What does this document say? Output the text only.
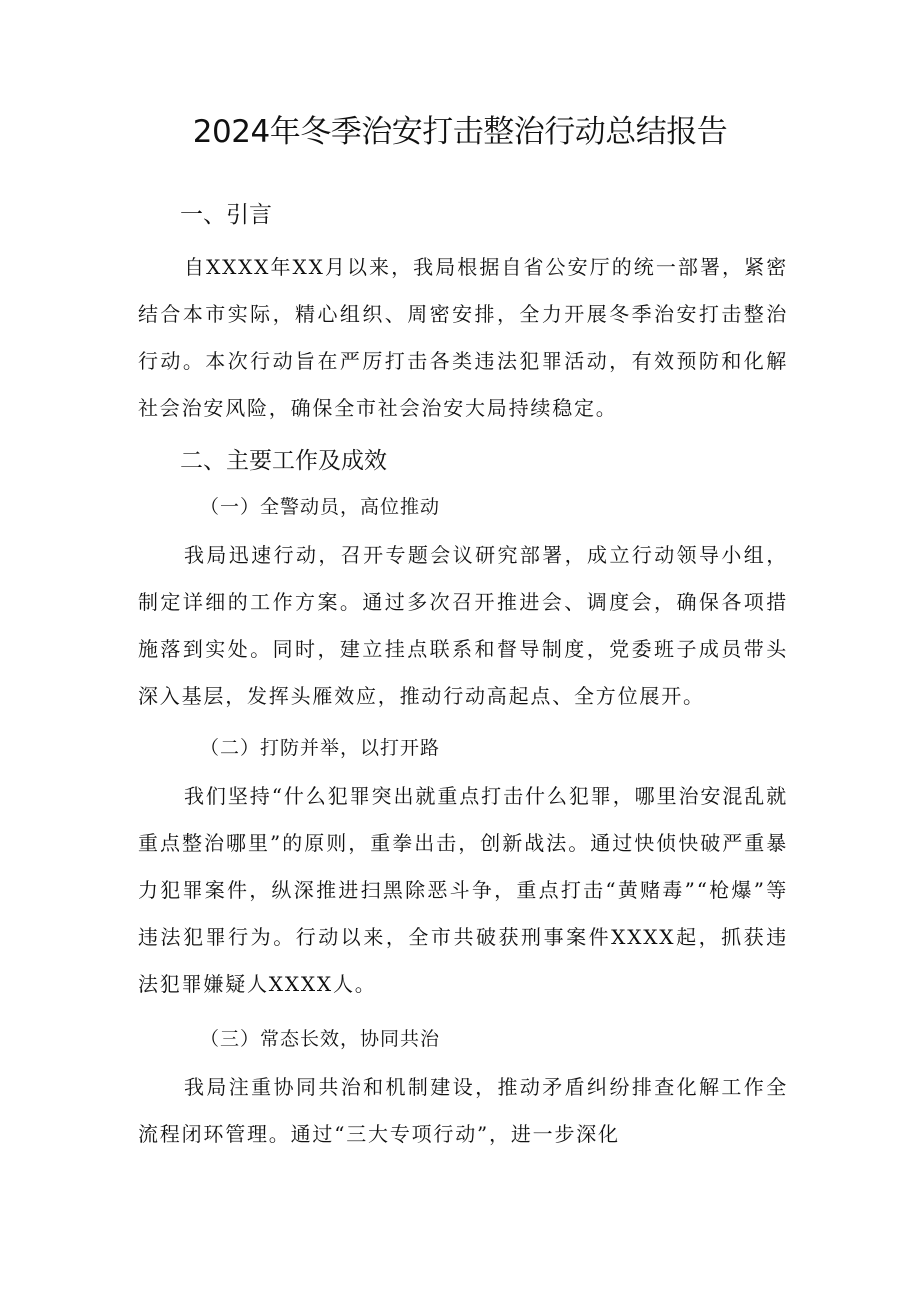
2024年冬季治安打击整治行动总结报告
一、引言

自XXXX年XX月以来，我局根据自省公安厅的统一部署，紧密结合本市实际，精心组织、周密安排，全力开展冬季治安打击整治行动。本次行动旨在严厉打击各类违法犯罪活动，有效预防和化解社会治安风险，确保全市社会治安大局持续稳定。

二、主要工作及成效
（一）全警动员，高位推动

我局迅速行动，召开专题会议研究部署，成立行动领导小组，制定详细的工作方案。通过多次召开推进会、调度会，确保各项措施落到实处。同时，建立挂点联系和督导制度，党委班子成员带头深入基层，发挥头雁效应，推动行动高起点、全方位展开。

（二）打防并举，以打开路

我们坚持“什么犯罪突出就重点打击什么犯罪，哪里治安混乱就重点整治哪里”的原则，重拳出击，创新战法。通过快侦快破严重暴力犯罪案件，纵深推进扫黑除恶斗争，重点打击“黄赌毒”“枪爆”等违法犯罪行为。行动以来，全市共破获刑事案件XXXX起，抓获违法犯罪嫌疑人XXXX人。

（三）常态长效，协同共治

我局注重协同共治和机制建设，推动矛盾纠纷排查化解工作全流程闭环管理。通过“三大专项行动”，进一步深化
